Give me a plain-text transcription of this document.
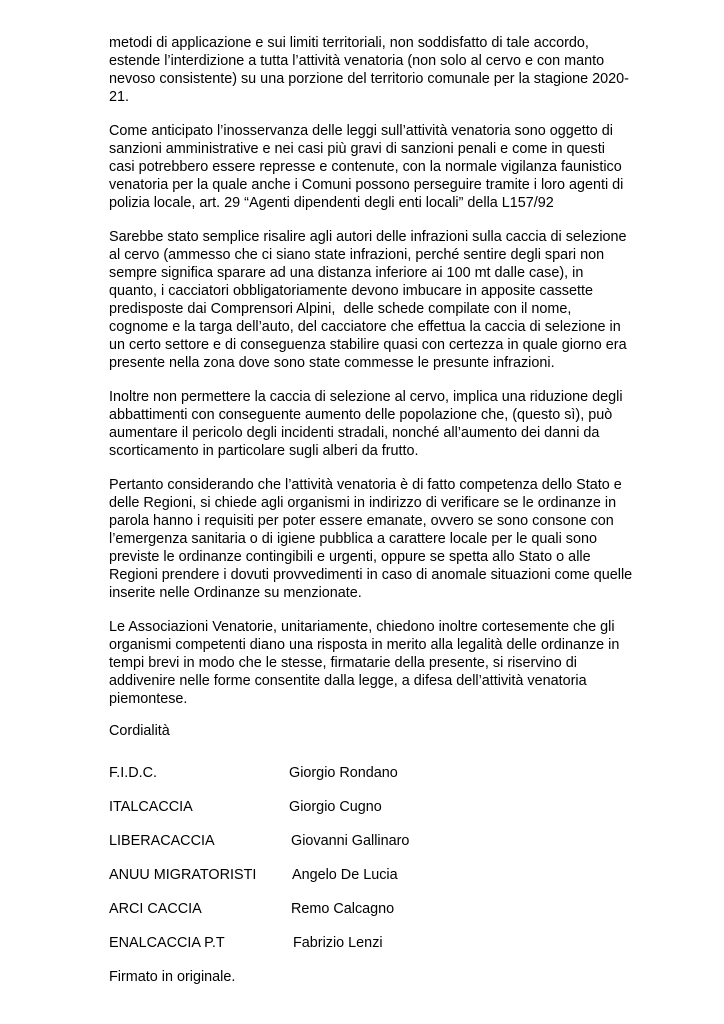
metodi di applicazione e sui limiti territoriali, non soddisfatto di tale accordo,

estende l’interdizione a tutta l’attività venatoria (non solo al cervo e con manto

nevoso consistente) su una porzione del territorio comunale per la stagione 2020-

21.

Come anticipato l’inosservanza delle leggi sull’attività venatoria sono oggetto di

sanzioni amministrative e nei casi più gravi di sanzioni penali e come in questi

casi potrebbero essere represse e contenute, con la normale vigilanza faunistico

venatoria per la quale anche i Comuni possono perseguire tramite i loro agenti di

polizia locale, art. 29 “Agenti dipendenti degli enti locali” della L157/92

Sarebbe stato semplice risalire agli autori delle infrazioni sulla caccia di selezione

al cervo (ammesso che ci siano state infrazioni, perché sentire degli spari non

sempre significa sparare ad una distanza inferiore ai 100 mt dalle case), in

quanto, i cacciatori obbligatoriamente devono imbucare in apposite cassette

predisposte dai Comprensori Alpini,  delle schede compilate con il nome,

cognome e la targa dell’auto, del cacciatore che effettua la caccia di selezione in

un certo settore e di conseguenza stabilire quasi con certezza in quale giorno era

presente nella zona dove sono state commesse le presunte infrazioni.

Inoltre non permettere la caccia di selezione al cervo, implica una riduzione degli

abbattimenti con conseguente aumento delle popolazione che, (questo sì), può

aumentare il pericolo degli incidenti stradali, nonché all’aumento dei danni da

scorticamento in particolare sugli alberi da frutto.

Pertanto considerando che l’attività venatoria è di fatto competenza dello Stato e

delle Regioni, si chiede agli organismi in indirizzo di verificare se le ordinanze in

parola hanno i requisiti per poter essere emanate, ovvero se sono consone con

l’emergenza sanitaria o di igiene pubblica a carattere locale per le quali sono

previste le ordinanze contingibili e urgenti, oppure se spetta allo Stato o alle

Regioni prendere i dovuti provvedimenti in caso di anomale situazioni come quelle

inserite nelle Ordinanze su menzionate.

Le Associazioni Venatorie, unitariamente, chiedono inoltre cortesemente che gli

organismi competenti diano una risposta in merito alla legalità delle ordinanze in

tempi brevi in modo che le stesse, firmatarie della presente, si riservino di

addivenire nelle forme consentite dalla legge, a difesa dell’attività venatoria

piemontese.

Cordialità

F.I.D.C.	Giorgio Rondano

ITALCACCIA	Giorgio Cugno

LIBERACACCIA	Giovanni Gallinaro

ANUU MIGRATORISTI Angelo De Lucia

ARCI CACCIA	Remo Calcagno

ENALCACCIA P.T	Fabrizio Lenzi

Firmato in originale.
